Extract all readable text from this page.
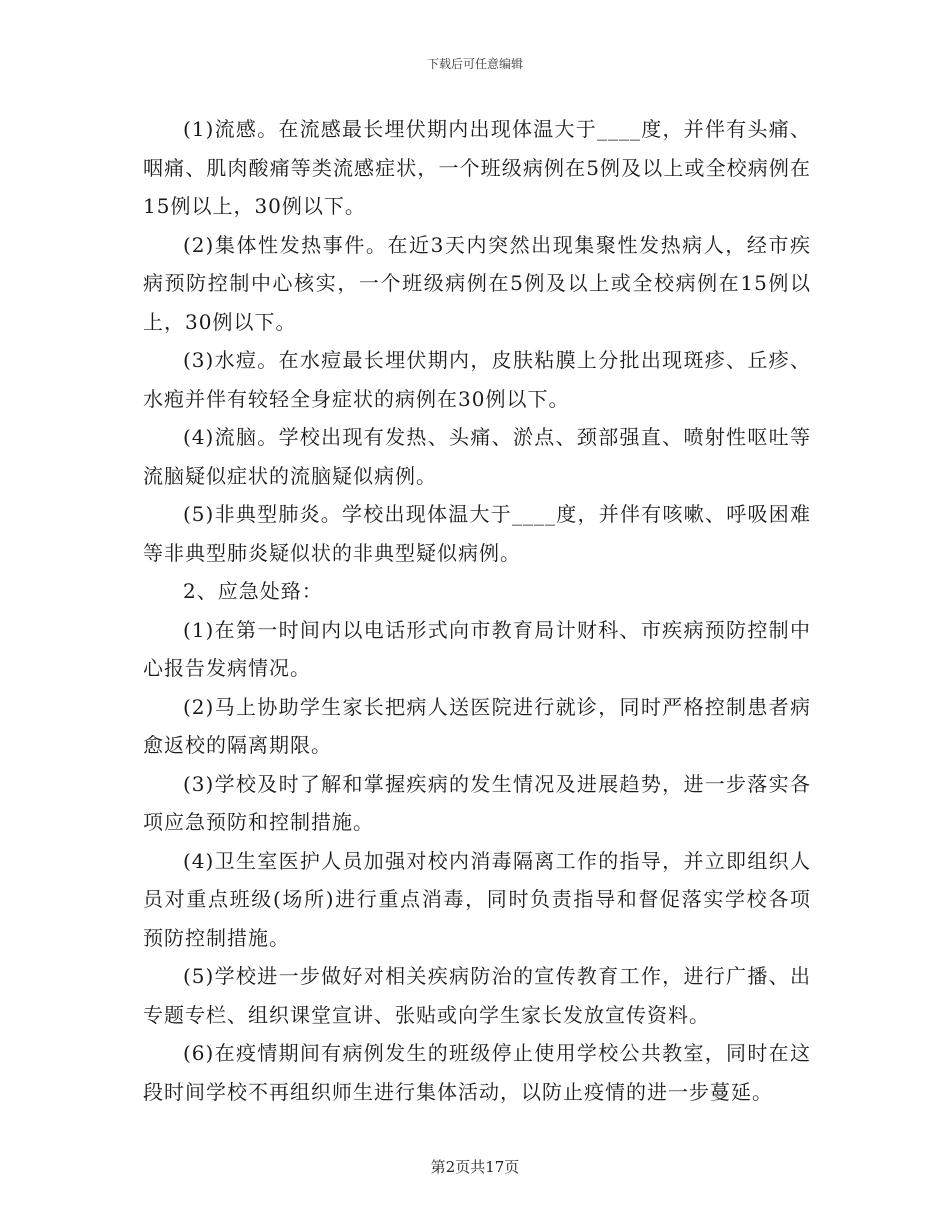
下载后可任意编辑

(1)流感。在流感最长埋伏期内出现体温大于____度，并伴有头痛、咽痛、肌肉酸痛等类流感症状，一个班级病例在5例及以上或全校病例在15例以上，30例以下。

(2)集体性发热事件。在近3天内突然出现集聚性发热病人，经市疾病预防控制中心核实，一个班级病例在5例及以上或全校病例在15例以上，30例以下。

(3)水痘。在水痘最长埋伏期内，皮肤粘膜上分批出现斑疹、丘疹、水疱并伴有较轻全身症状的病例在30例以下。

(4)流脑。学校出现有发热、头痛、淤点、颈部强直、喷射性呕吐等流脑疑似症状的流脑疑似病例。

(5)非典型肺炎。学校出现体温大于____度，并伴有咳嗽、呼吸困难等非典型肺炎疑似状的非典型疑似病例。

2、应急处臵：

(1)在第一时间内以电话形式向市教育局计财科、市疾病预防控制中心报告发病情况。

(2)马上协助学生家长把病人送医院进行就诊，同时严格控制患者病愈返校的隔离期限。

(3)学校及时了解和掌握疾病的发生情况及进展趋势，进一步落实各项应急预防和控制措施。

(4)卫生室医护人员加强对校内消毒隔离工作的指导，并立即组织人员对重点班级(场所)进行重点消毒，同时负责指导和督促落实学校各项预防控制措施。

(5)学校进一步做好对相关疾病防治的宣传教育工作，进行广播、出专题专栏、组织课堂宣讲、张贴或向学生家长发放宣传资料。

(6)在疫情期间有病例发生的班级停止使用学校公共教室，同时在这段时间学校不再组织师生进行集体活动，以防止疫情的进一步蔓延。

第2页共17页
